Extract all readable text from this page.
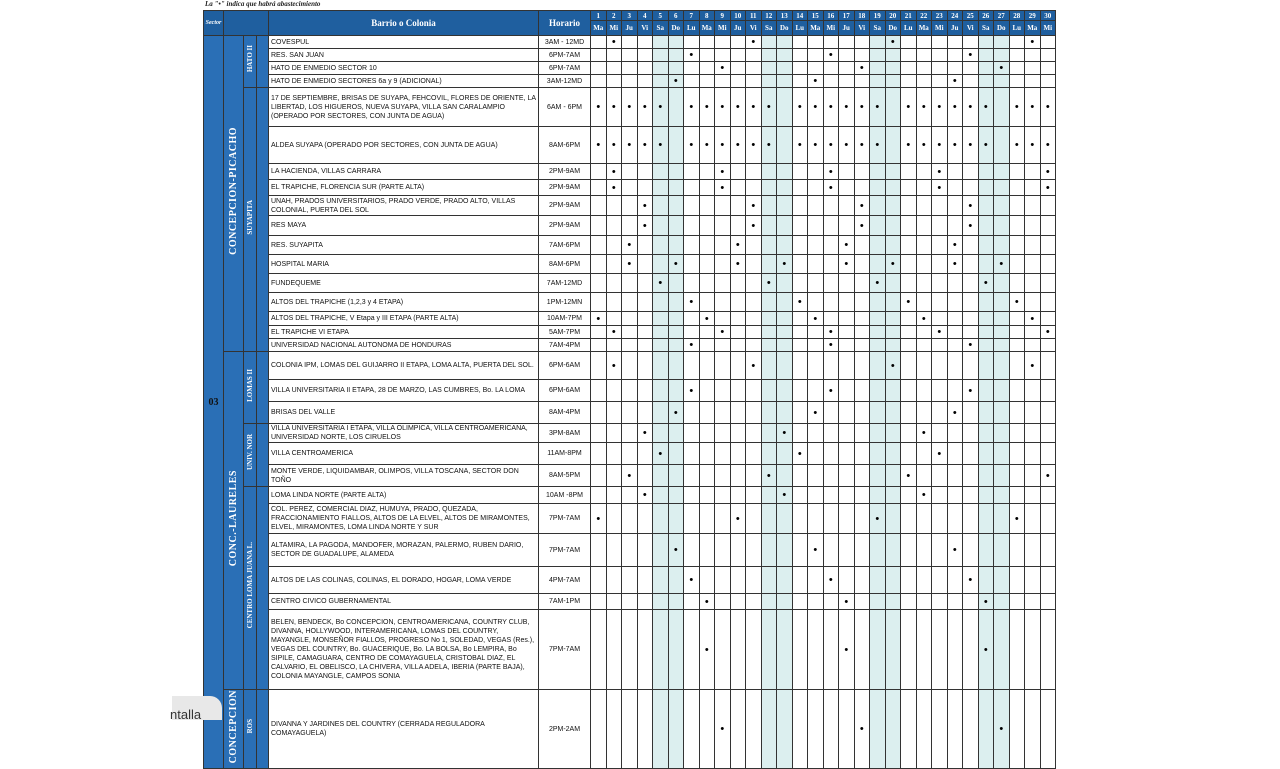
La "•" indica que habrá abastecimiento
Sector				Barrio o Colonia	Horario	1	2	3	4	5	6	7	8	9	10	11	12	13	14	15	16	17	18	19	20	21	22	23	24	25	26	27	28	29	30
						Ma	Mi	Ju	Vi	Sa	Do	Lu	Ma	Mi	Ju	Vi	Sa	Do	Lu	Ma	Mi	Ju	Vi	Sa	Do	Lu	Ma	Mi	Ju	Vi	Sa	Do	Lu	Ma	Mi
03	CONCEPCION-PICACHO	HATO II		COVESPUL	3AM - 12MD		•									•									•									•	
				RES. SAN JUAN	6PM-7AM							•									•									•					
				HATO DE ENMEDIO SECTOR 10	6PM-7AM									•									•									•			
				HATO DE ENMEDIO SECTORES 6a y 9 (ADICIONAL)	3AM-12MD						•									•									•						
		SUYAPITA		17 DE SEPTIEMBRE, BRISAS DE SUYAPA, FEHCOVIL, FLORES DE ORIENTE, LA LIBERTAD, LOS HIGUEROS, NUEVA SUYAPA, VILLA SAN CARALAMPIO (OPERADO POR SECTORES, CON JUNTA DE AGUA)	6AM - 6PM	•	•	•	•	•		•	•	•	•	•	•		•	•	•	•	•	•		•	•	•	•	•	•		•	•	•
				ALDEA SUYAPA (OPERADO POR SECTORES, CON JUNTA DE AGUA)	8AM-6PM	•	•	•	•	•		•	•	•	•	•	•		•	•	•	•	•	•		•	•	•	•	•	•		•	•	•
				LA HACIENDA, VILLAS CARRARA	2PM-9AM		•							•							•							•							•
				EL TRAPICHE, FLORENCIA SUR (PARTE ALTA)	2PM-9AM		•							•							•							•							•
				UNAH, PRADOS UNIVERSITARIOS, PRADO VERDE, PRADO ALTO, VILLAS COLONIAL, PUERTA DEL SOL	2PM-9AM				•							•							•							•					
				RES MAYA	2PM-9AM				•							•							•							•					
				RES. SUYAPITA	7AM-6PM			•							•							•							•						
				HOSPITAL MARIA	8AM-6PM			•			•				•			•				•			•				•			•			
				FUNDEQUEME	7AM-12MD					•							•							•							•				
				ALTOS DEL TRAPICHE (1,2,3 y 4 ETAPA)	1PM-12MN							•							•							•							•		
				ALTOS DEL TRAPICHE, V Etapa y III ETAPA (PARTE ALTA)	10AM-7PM	•							•							•							•							•	
				EL TRAPICHE VI ETAPA	5AM-7PM		•							•							•							•							•
				UNIVERSIDAD NACIONAL AUTONOMA DE HONDURAS	7AM-4PM							•									•									•					
	CONC.-LAURELES	LOMAS II		COLONIA IPM, LOMAS DEL GUIJARRO II ETAPA, LOMA ALTA, PUERTA DEL SOL.	6PM-6AM		•									•									•									•	
				VILLA UNIVERSITARIA II ETAPA, 28 DE MARZO, LAS CUMBRES, Bo. LA LOMA	6PM-6AM							•									•									•					
				BRISAS DEL VALLE	8AM-4PM						•									•									•						
		UNIV. NOR		VILLA UNIVERSITARIA I ETAPA, VILLA OLIMPICA, VILLA CENTROAMERICANA, UNIVERSIDAD NORTE, LOS CIRUELOS	3PM-8AM				•									•									•								
				VILLA CENTROAMERICA	11AM-8PM					•									•									•							
				MONTE VERDE, LIQUIDAMBAR, OLIMPOS, VILLA TOSCANA, SECTOR DON TOÑO	8AM-5PM			•									•									•									•
		CENTRO LOMA JUANA L.		LOMA LINDA NORTE (PARTE ALTA)	10AM -8PM				•									•									•								
				COL. PEREZ, COMERCIAL DIAZ, HUMUYA, PRADO, QUEZADA, FRACCIONAMIENTO FIALLOS, ALTOS DE LA ELVEL, ALTOS DE MIRAMONTES, ELVEL, MIRAMONTES, LOMA LINDA NORTE Y SUR	7PM-7AM	•									•									•									•		
				ALTAMIRA, LA PAGODA, MANDOFER, MORAZAN, PALERMO, RUBEN DARIO, SECTOR DE GUADALUPE, ALAMEDA	7PM-7AM						•									•									•						
				ALTOS DE LAS COLINAS, COLINAS, EL DORADO, HOGAR, LOMA VERDE	4PM-7AM							•									•									•					
				CENTRO CIVICO GUBERNAMENTAL	7AM-1PM								•									•									•				
				BELEN, BENDECK, Bo CONCEPCION, CENTROAMERICANA, COUNTRY CLUB, DIVANNA, HOLLYWOOD, INTERAMERICANA, LOMAS DEL COUNTRY, MAYANGLE, MONSEÑOR FIALLOS, PROGRESO No 1, SOLEDAD, VEGAS (Res.), VEGAS DEL COUNTRY, Bo. GUACERIQUE, Bo. LA BOLSA, Bo LEMPIRA, Bo SIPILE, CAMAGUARA, CENTRO DE COMAYAGUELA, CRISTOBAL DIAZ, EL CALVARIO, EL OBELISCO, LA CHIVERA, VILLA ADELA, IBERIA (PARTE BAJA), COLONIA MAYANGLE, CAMPOS SONIA	7PM-7AM								•									•									•				
	CONCEPCION	ROS		DIVANNA Y JARDINES DEL COUNTRY (CERRADA REGULADORA COMAYAGUELA)	2PM-2AM									•									•									•			
ntalla
